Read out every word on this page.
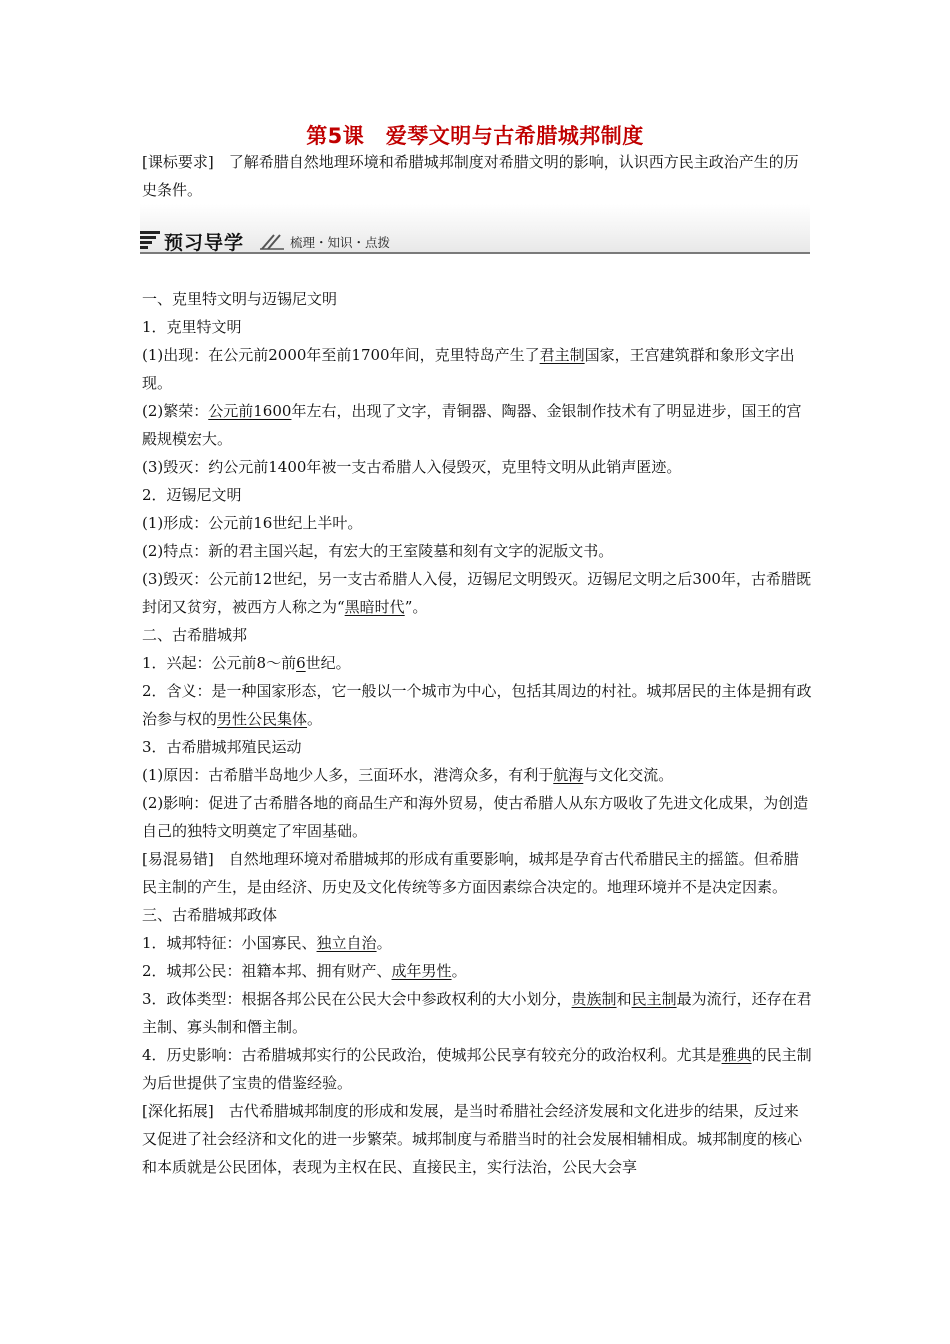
第5课　爱琴文明与古希腊城邦制度
[课标要求]　了解希腊自然地理环境和希腊城邦制度对希腊文明的影响，认识西方民主政治产生的历史条件。
预习导学	梳理・知识・点拨

一、克里特文明与迈锡尼文明

1．克里特文明

(1)出现：在公元前2000年至前1700年间，克里特岛产生了君主制国家，王宫建筑群和象形文字出现。

(2)繁荣：公元前1600年左右，出现了文字，青铜器、陶器、金银制作技术有了明显进步，国王的宫殿规模宏大。

(3)毁灭：约公元前1400年被一支古希腊人入侵毁灭，克里特文明从此销声匿迹。

2．迈锡尼文明

(1)形成：公元前16世纪上半叶。

(2)特点：新的君主国兴起，有宏大的王室陵墓和刻有文字的泥版文书。

(3)毁灭：公元前12世纪，另一支古希腊人入侵，迈锡尼文明毁灭。迈锡尼文明之后300年，古希腊既封闭又贫穷，被西方人称之为“黑暗时代”。

二、古希腊城邦

1．兴起：公元前8～前6世纪。

2．含义：是一种国家形态，它一般以一个城市为中心，包括其周边的村社。城邦居民的主体是拥有政治参与权的男性公民集体。

3．古希腊城邦殖民运动

(1)原因：古希腊半岛地少人多，三面环水，港湾众多，有利于航海与文化交流。

(2)影响：促进了古希腊各地的商品生产和海外贸易，使古希腊人从东方吸收了先进文化成果，为创造自己的独特文明奠定了牢固基础。

[易混易错]　自然地理环境对希腊城邦的形成有重要影响，城邦是孕育古代希腊民主的摇篮。但希腊民主制的产生，是由经济、历史及文化传统等多方面因素综合决定的。地理环境并不是决定因素。

三、古希腊城邦政体

1．城邦特征：小国寡民、独立自治。

2．城邦公民：祖籍本邦、拥有财产、成年男性。

3．政体类型：根据各邦公民在公民大会中参政权利的大小划分，贵族制和民主制最为流行，还存在君主制、寡头制和僭主制。

4．历史影响：古希腊城邦实行的公民政治，使城邦公民享有较充分的政治权利。尤其是雅典的民主制为后世提供了宝贵的借鉴经验。

[深化拓展]　古代希腊城邦制度的形成和发展，是当时希腊社会经济发展和文化进步的结果，反过来又促进了社会经济和文化的进一步繁荣。城邦制度与希腊当时的社会发展相辅相成。城邦制度的核心和本质就是公民团体，表现为主权在民、直接民主，实行法治，公民大会享
